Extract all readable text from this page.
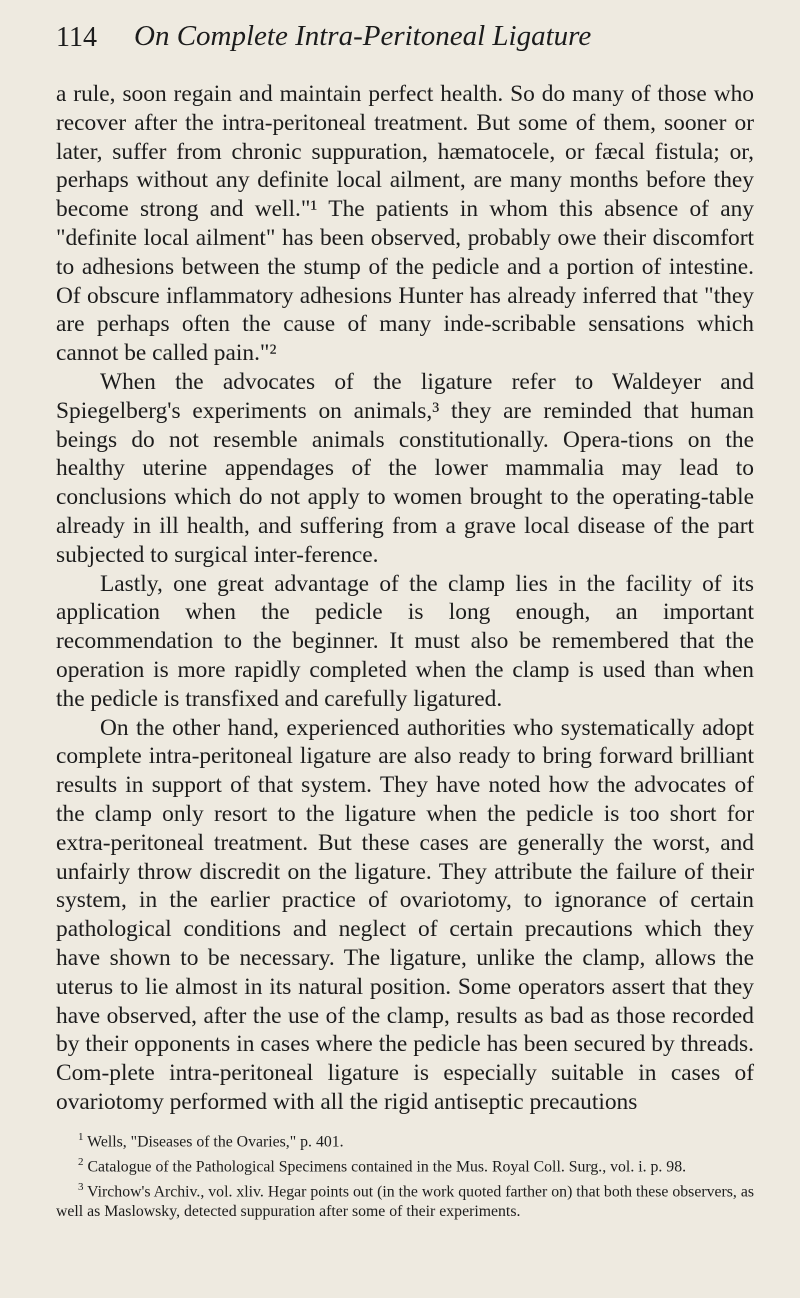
114 On Complete Intra-Peritoneal Ligature

a rule, soon regain and maintain perfect health. So do many of those who recover after the intra-peritoneal treatment. But some of them, sooner or later, suffer from chronic suppuration, hæmatocele, or fæcal fistula; or, perhaps without any definite local ailment, are many months before they become strong and well."¹ The patients in whom this absence of any "definite local ailment" has been observed, probably owe their discomfort to adhesions between the stump of the pedicle and a portion of intestine. Of obscure inflammatory adhesions Hunter has already inferred that "they are perhaps often the cause of many inde-scribable sensations which cannot be called pain."²

When the advocates of the ligature refer to Waldeyer and Spiegelberg's experiments on animals,³ they are reminded that human beings do not resemble animals constitutionally. Opera-tions on the healthy uterine appendages of the lower mammalia may lead to conclusions which do not apply to women brought to the operating-table already in ill health, and suffering from a grave local disease of the part subjected to surgical inter-ference.

Lastly, one great advantage of the clamp lies in the facility of its application when the pedicle is long enough, an important recommendation to the beginner. It must also be remembered that the operation is more rapidly completed when the clamp is used than when the pedicle is transfixed and carefully ligatured.

On the other hand, experienced authorities who systematically adopt complete intra-peritoneal ligature are also ready to bring forward brilliant results in support of that system. They have noted how the advocates of the clamp only resort to the ligature when the pedicle is too short for extra-peritoneal treatment. But these cases are generally the worst, and unfairly throw discredit on the ligature. They attribute the failure of their system, in the earlier practice of ovariotomy, to ignorance of certain pathological conditions and neglect of certain precautions which they have shown to be necessary. The ligature, unlike the clamp, allows the uterus to lie almost in its natural position. Some operators assert that they have observed, after the use of the clamp, results as bad as those recorded by their opponents in cases where the pedicle has been secured by threads. Com-plete intra-peritoneal ligature is especially suitable in cases of ovariotomy performed with all the rigid antiseptic precautions

$^1$ Wells, "Diseases of the Ovaries," p. 401.

$^2$ Catalogue of the Pathological Specimens contained in the Mus. Royal Coll. Surg., vol. i. p. 98.

$^3$ Virchow's Archiv., vol. xliv. Hegar points out (in the work quoted farther on) that both these observers, as well as Maslowsky, detected suppuration after some of their experiments.
